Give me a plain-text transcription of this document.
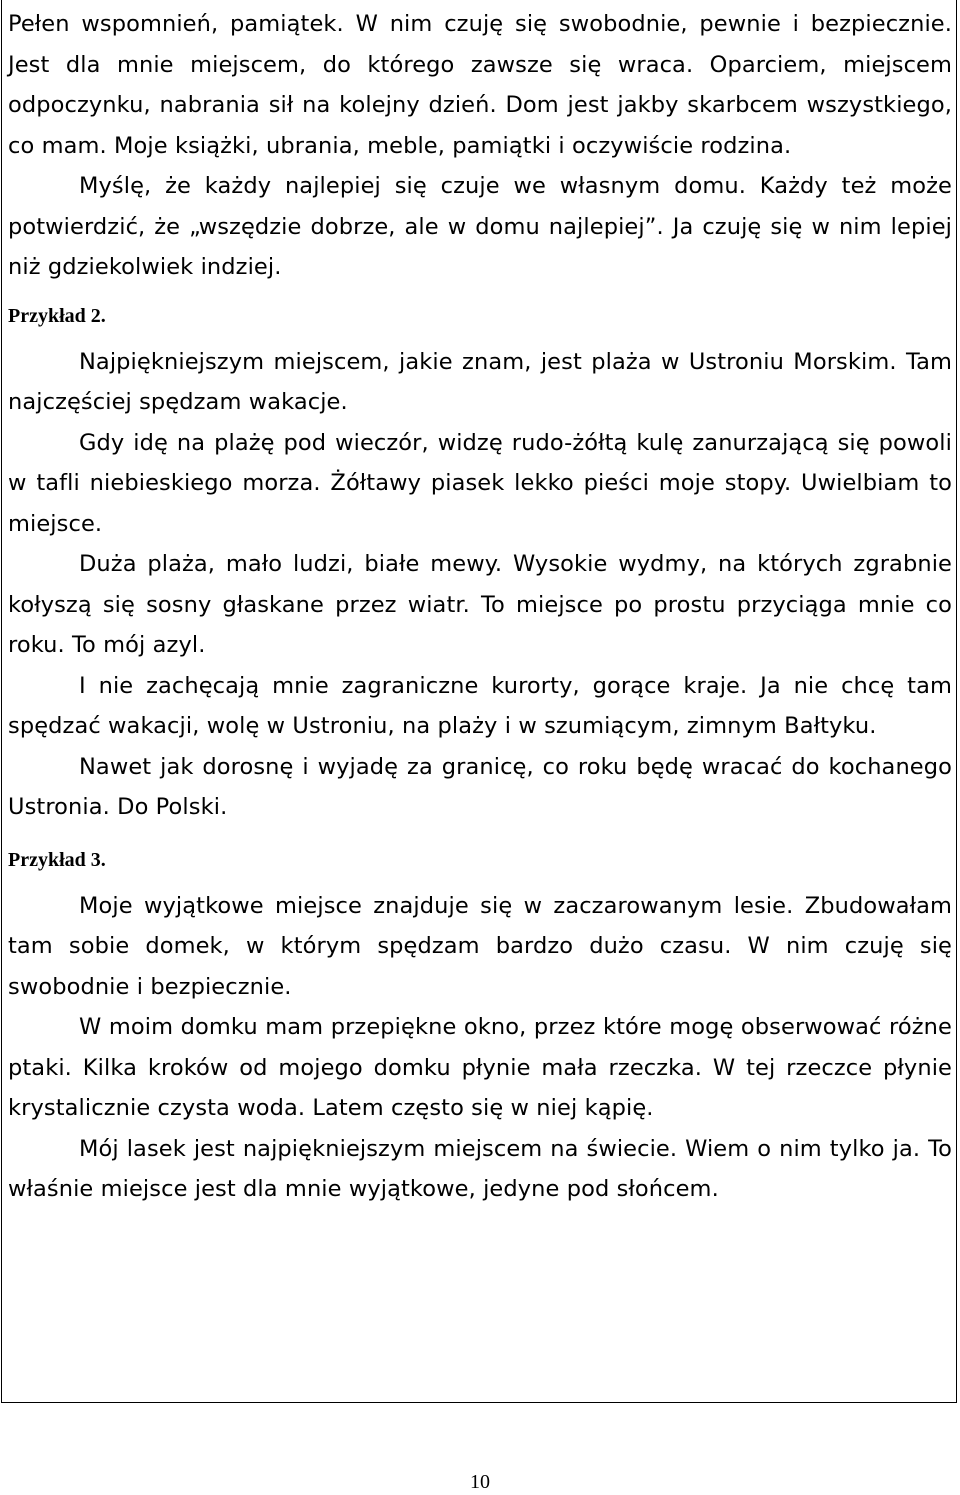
Pełen wspomnień, pamiątek. W nim czuję się swobodnie, pewnie i bezpiecznie. Jest dla mnie miejscem, do którego zawsze się wraca. Oparciem, miejscem odpoczynku, nabrania sił na kolejny dzień. Dom jest jakby skarbcem wszystkiego, co mam. Moje książki, ubrania, meble, pamiątki i oczywiście rodzina.

Myślę, że każdy najlepiej się czuje we własnym domu. Każdy też może potwierdzić, że „wszędzie dobrze, ale w domu najlepiej”. Ja czuję się w nim lepiej niż gdziekolwiek indziej.

Przykład 2.

Najpiękniejszym miejscem, jakie znam, jest plaża w Ustroniu Morskim. Tam najczęściej spędzam wakacje.

Gdy idę na plażę pod wieczór, widzę rudo-żółtą kulę zanurzającą się powoli w tafli niebieskiego morza. Żółtawy piasek lekko pieści moje stopy. Uwielbiam to miejsce.

Duża plaża, mało ludzi, białe mewy. Wysokie wydmy, na których zgrabnie kołyszą się sosny głaskane przez wiatr. To miejsce po prostu przyciąga mnie co roku. To mój azyl.

I nie zachęcają mnie zagraniczne kurorty, gorące kraje. Ja nie chcę tam spędzać wakacji, wolę w Ustroniu, na plaży i w szumiącym, zimnym Bałtyku.

Nawet jak dorosnę i wyjadę za granicę, co roku będę wracać do kochanego Ustronia. Do Polski.

Przykład 3.

Moje wyjątkowe miejsce znajduje się w zaczarowanym lesie. Zbudowałam tam sobie domek, w którym spędzam bardzo dużo czasu. W nim czuję się swobodnie i bezpiecznie.

W moim domku mam przepiękne okno, przez które mogę obserwować różne ptaki. Kilka kroków od mojego domku płynie mała rzeczka. W tej rzeczce płynie krystalicznie czysta woda. Latem często się w niej kąpię.

Mój lasek jest najpiękniejszym miejscem na świecie. Wiem o nim tylko ja. To właśnie miejsce jest dla mnie wyjątkowe, jedyne pod słońcem.

10
